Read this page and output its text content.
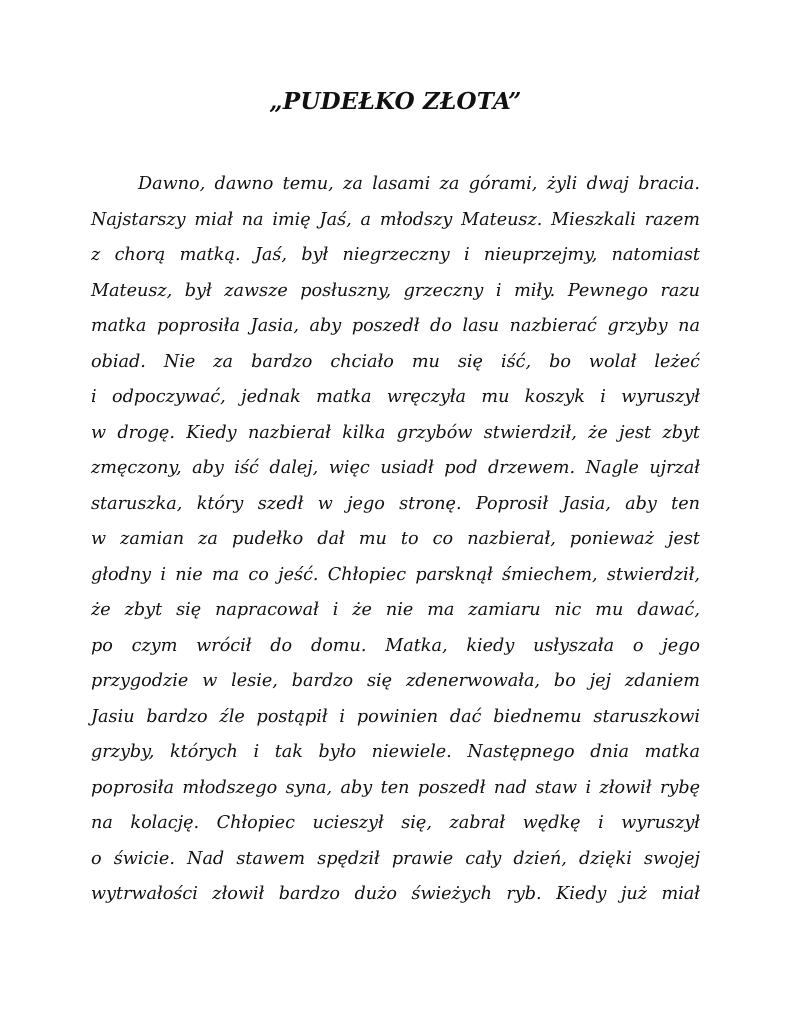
„PUDEŁKO ZŁOTA”
Dawno, dawno temu, za lasami za górami, żyli dwaj bracia.
Najstarszy miał na imię Jaś, a młodszy Mateusz. Mieszkali razem
z chorą matką. Jaś, był niegrzeczny i nieuprzejmy, natomiast
Mateusz, był zawsze posłuszny, grzeczny i miły. Pewnego razu
matka poprosiła Jasia, aby poszedł do lasu nazbierać grzyby na
obiad. Nie za bardzo chciało mu się iść, bo wolał leżeć
i odpoczywać, jednak matka wręczyła mu koszyk i wyruszył
w drogę. Kiedy nazbierał kilka grzybów stwierdził, że jest zbyt
zmęczony, aby iść dalej, więc usiadł pod drzewem. Nagle ujrzał
staruszka, który szedł w jego stronę. Poprosił Jasia, aby ten
w zamian za pudełko dał mu to co nazbierał, ponieważ jest
głodny i nie ma co jeść. Chłopiec parsknął śmiechem, stwierdził,
że zbyt się napracował i że nie ma zamiaru nic mu dawać,
po czym wrócił do domu. Matka, kiedy usłyszała o jego
przygodzie w lesie, bardzo się zdenerwowała, bo jej zdaniem
Jasiu bardzo źle postąpił i powinien dać biednemu staruszkowi
grzyby, których i tak było niewiele. Następnego dnia matka
poprosiła młodszego syna, aby ten poszedł nad staw i złowił rybę
na kolację. Chłopiec ucieszył się, zabrał wędkę i wyruszył
o świcie. Nad stawem spędził prawie cały dzień, dzięki swojej
wytrwałości złowił bardzo dużo świeżych ryb. Kiedy już miał
